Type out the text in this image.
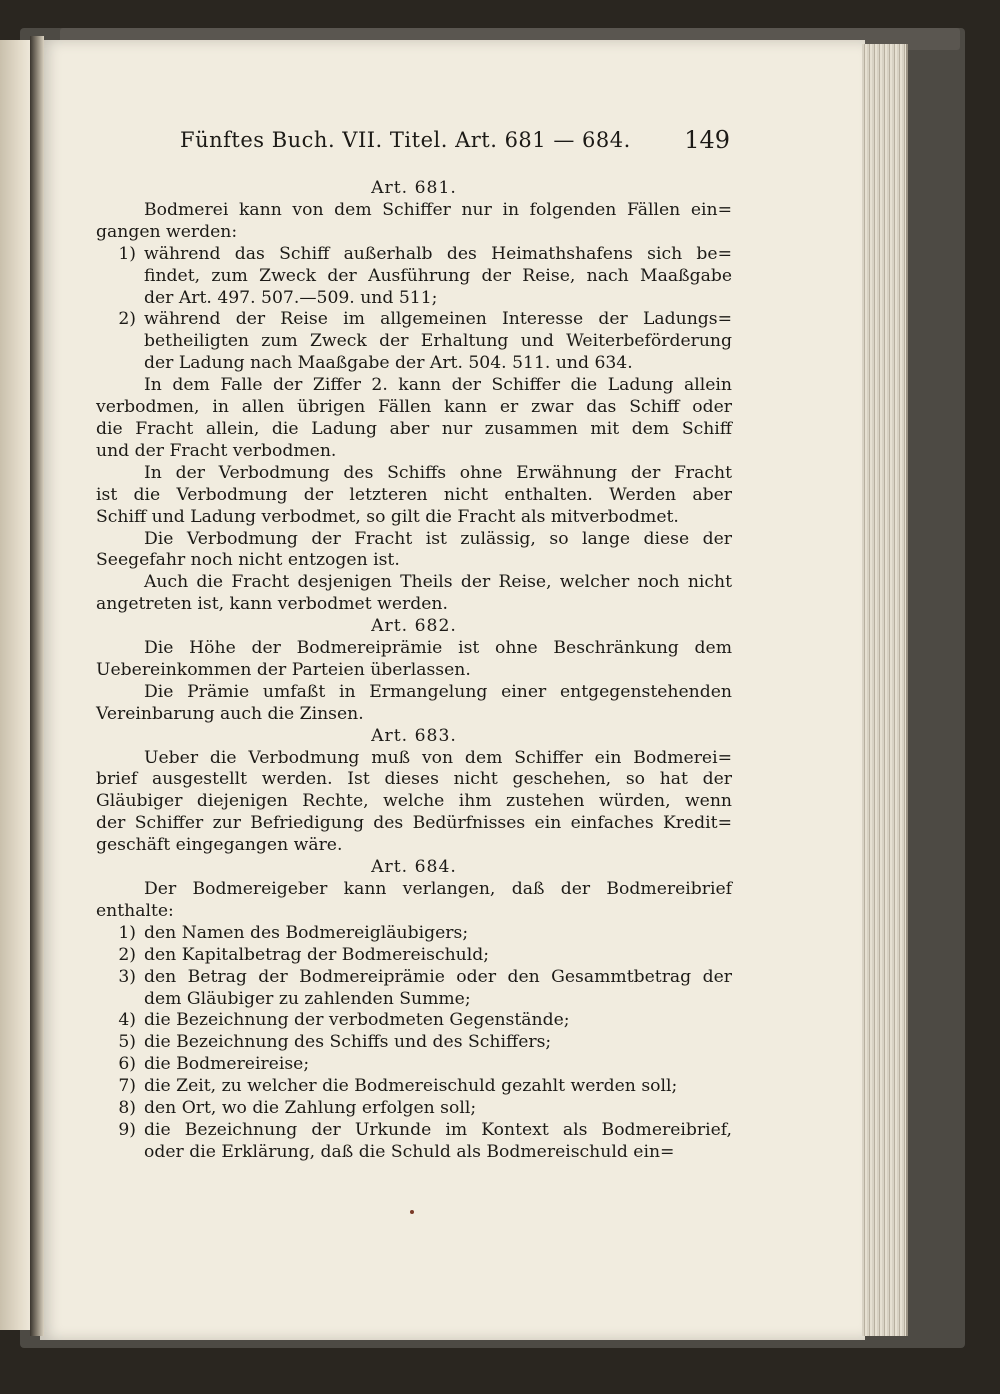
Fünftes Buch. VII. Titel. Art. 681 — 684. 149
Art. 681.
Bodmerei kann von dem Schiffer nur in folgenden Fällen ein=
gangen werden:
1) während das Schiff außerhalb des Heimathshafens sich be=
findet, zum Zweck der Ausführung der Reise, nach Maaßgabe
der Art. 497. 507.—509. und 511;
2) während der Reise im allgemeinen Interesse der Ladungs=
betheiligten zum Zweck der Erhaltung und Weiterbeförderung
der Ladung nach Maaßgabe der Art. 504. 511. und 634.
In dem Falle der Ziffer 2. kann der Schiffer die Ladung allein
verbodmen, in allen übrigen Fällen kann er zwar das Schiff oder
die Fracht allein, die Ladung aber nur zusammen mit dem Schiff
und der Fracht verbodmen.
In der Verbodmung des Schiffs ohne Erwähnung der Fracht
ist die Verbodmung der letzteren nicht enthalten. Werden aber
Schiff und Ladung verbodmet, so gilt die Fracht als mitverbodmet.
Die Verbodmung der Fracht ist zulässig, so lange diese der
Seegefahr noch nicht entzogen ist.
Auch die Fracht desjenigen Theils der Reise, welcher noch nicht
angetreten ist, kann verbodmet werden.
Art. 682.
Die Höhe der Bodmereiprämie ist ohne Beschränkung dem
Uebereinkommen der Parteien überlassen.
Die Prämie umfaßt in Ermangelung einer entgegenstehenden
Vereinbarung auch die Zinsen.
Art. 683.
Ueber die Verbodmung muß von dem Schiffer ein Bodmerei=
brief ausgestellt werden. Ist dieses nicht geschehen, so hat der
Gläubiger diejenigen Rechte, welche ihm zustehen würden, wenn
der Schiffer zur Befriedigung des Bedürfnisses ein einfaches Kredit=
geschäft eingegangen wäre.
Art. 684.
Der Bodmereigeber kann verlangen, daß der Bodmereibrief
enthalte:
1) den Namen des Bodmereigläubigers;
2) den Kapitalbetrag der Bodmereischuld;
3) den Betrag der Bodmereiprämie oder den Gesammtbetrag der
dem Gläubiger zu zahlenden Summe;
4) die Bezeichnung der verbodmeten Gegenstände;
5) die Bezeichnung des Schiffs und des Schiffers;
6) die Bodmereireise;
7) die Zeit, zu welcher die Bodmereischuld gezahlt werden soll;
8) den Ort, wo die Zahlung erfolgen soll;
9) die Bezeichnung der Urkunde im Kontext als Bodmereibrief,
oder die Erklärung, daß die Schuld als Bodmereischuld ein=
